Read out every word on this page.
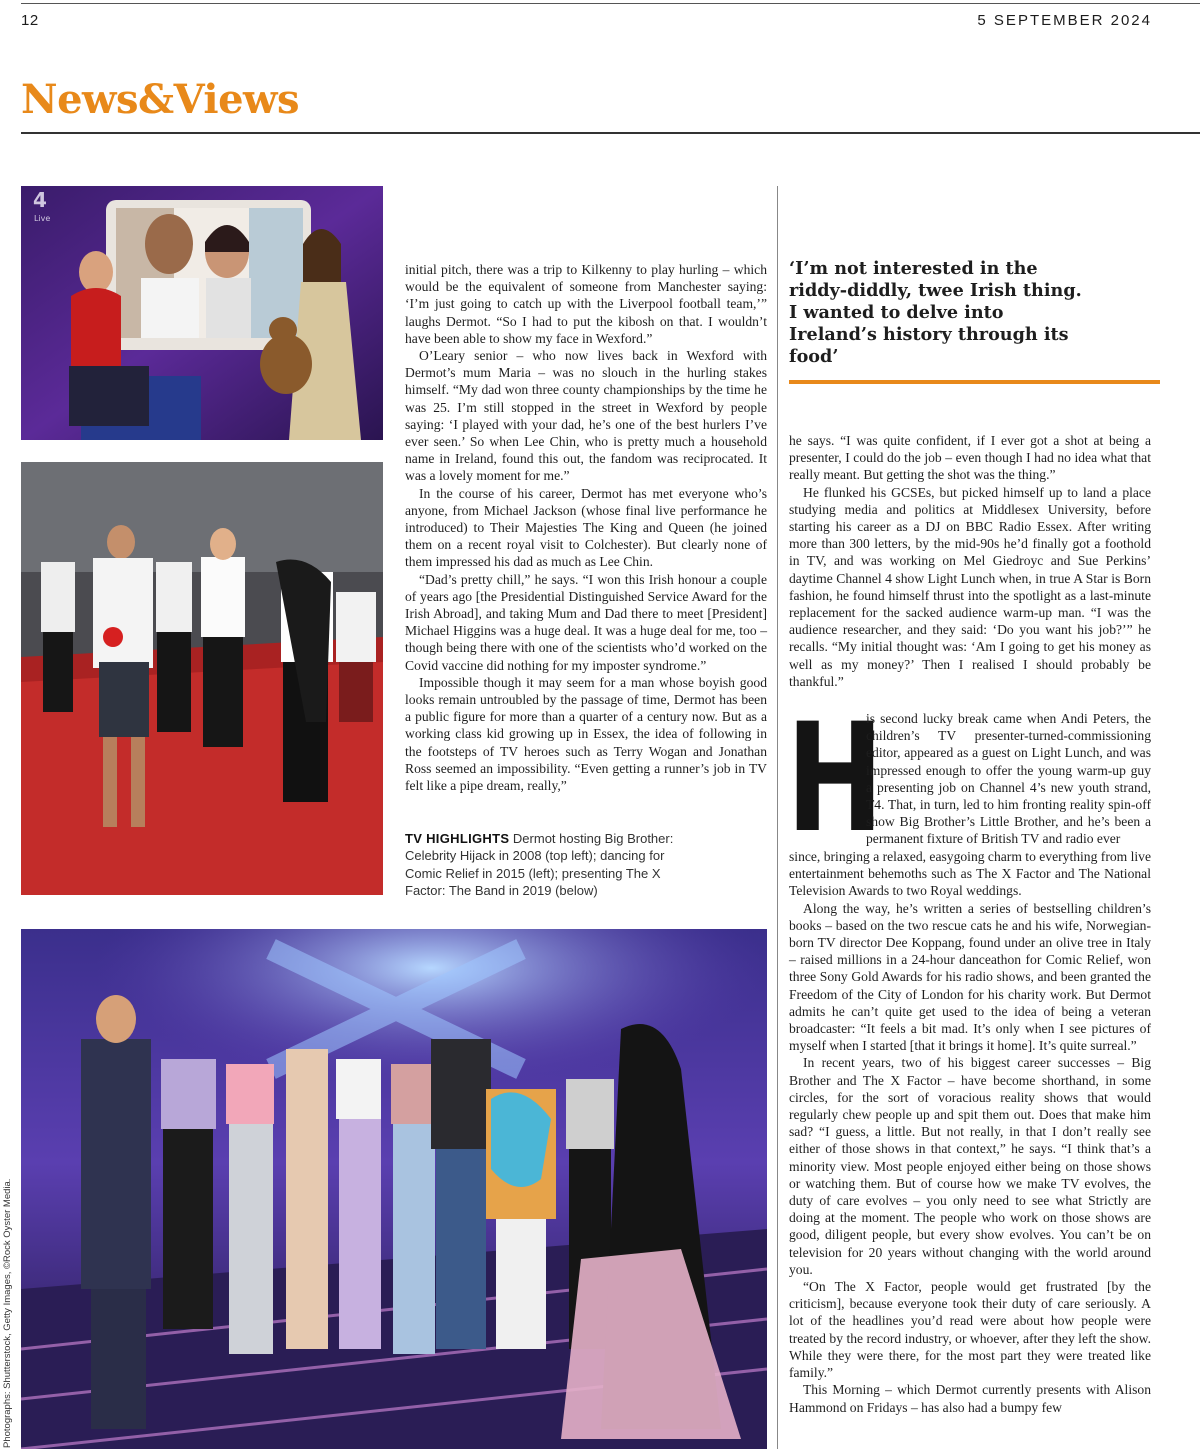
12	5 SEPTEMBER 2024
News&Views
4
Live
TV HIGHLIGHTS Dermot hosting Big Brother: Celebrity Hijack in 2008 (top left); dancing for Comic Relief in 2015 (left); presenting The X Factor: The Band in 2019 (below)
Photographs: Shutterstock, Getty Images, ©Rock Oyster Media.

initial pitch, there was a trip to Kilkenny to play hurling – which would be the equivalent of someone from Manchester saying: ‘I’m just going to catch up with the Liverpool football team,’” laughs Dermot. “So I had to put the kibosh on that. I wouldn’t have been able to show my face in Wexford.”

O’Leary senior – who now lives back in Wexford with Dermot’s mum Maria – was no slouch in the hurling stakes himself. “My dad won three county championships by the time he was 25. I’m still stopped in the street in Wexford by people saying: ‘I played with your dad, he’s one of the best hurlers I’ve ever seen.’ So when Lee Chin, who is pretty much a household name in Ireland, found this out, the fandom was reciprocated. It was a lovely moment for me.”

In the course of his career, Dermot has met everyone who’s anyone, from Michael Jackson (whose final live performance he introduced) to Their Majesties The King and Queen (he joined them on a recent royal visit to Colchester). But clearly none of them impressed his dad as much as Lee Chin.

“Dad’s pretty chill,” he says. “I won this Irish honour a couple of years ago [the Presidential Distinguished Service Award for the Irish Abroad], and taking Mum and Dad there to meet [President] Michael Higgins was a huge deal. It was a huge deal for me, too – though being there with one of the scientists who’d worked on the Covid vaccine did nothing for my imposter syndrome.”

Impossible though it may seem for a man whose boyish good looks remain untroubled by the passage of time, Dermot has been a public figure for more than a quarter of a century now. But as a working class kid growing up in Essex, the idea of following in the footsteps of TV heroes such as Terry Wogan and Jonathan Ross seemed an impossibility. “Even getting a runner’s job in TV felt like a pipe dream, really,”

‘I’m not interested in the riddy-diddly, twee Irish thing. I wanted to delve into Ireland’s history through its food’

he says. “I was quite confident, if I ever got a shot at being a presenter, I could do the job – even though I had no idea what that really meant. But getting the shot was the thing.”

He flunked his GCSEs, but picked himself up to land a place studying media and politics at Middlesex University, before starting his career as a DJ on BBC Radio Essex. After writing more than 300 letters, by the mid-90s he’d finally got a foothold in TV, and was working on Mel Giedroyc and Sue Perkins’ daytime Channel 4 show Light Lunch when, in true A Star is Born fashion, he found himself thrust into the spotlight as a last-minute replacement for the sacked audience warm-up man. “I was the audience researcher, and they said: ‘Do you want his job?’” he recalls. “My initial thought was: ‘Am I going to get his money as well as my money?’ Then I realised I should probably be thankful.”

H

is second lucky break came when Andi Peters, the children’s TV presenter-turned-commissioning editor, appeared as a guest on Light Lunch, and was impressed enough to offer the young warm-up guy a presenting job on Channel 4’s new youth strand, T4. That, in turn, led to him fronting reality spin-off show Big Brother’s Little Brother, and he’s been a permanent fixture of British TV and radio ever

since, bringing a relaxed, easygoing charm to everything from live entertainment behemoths such as The X Factor and The National Television Awards to two Royal weddings.

Along the way, he’s written a series of bestselling children’s books – based on the two rescue cats he and his wife, Norwegian-born TV director Dee Koppang, found under an olive tree in Italy – raised millions in a 24-hour danceathon for Comic Relief, won three Sony Gold Awards for his radio shows, and been granted the Freedom of the City of London for his charity work. But Dermot admits he can’t quite get used to the idea of being a veteran broadcaster: “It feels a bit mad. It’s only when I see pictures of myself when I started [that it brings it home]. It’s quite surreal.”

In recent years, two of his biggest career successes – Big Brother and The X Factor – have become shorthand, in some circles, for the sort of voracious reality shows that would regularly chew people up and spit them out. Does that make him sad? “I guess, a little. But not really, in that I don’t really see either of those shows in that context,” he says. “I think that’s a minority view. Most people enjoyed either being on those shows or watching them. But of course how we make TV evolves, the duty of care evolves – you only need to see what Strictly are doing at the moment. The people who work on those shows are good, diligent people, but every show evolves. You can’t be on television for 20 years without changing with the world around you.

“On The X Factor, people would get frustrated [by the criticism], because everyone took their duty of care seriously. A lot of the headlines you’d read were about how people were treated by the record industry, or whoever, after they left the show. While they were there, for the most part they were treated like family.”

This Morning – which Dermot currently presents with Alison Hammond on Fridays – has also had a bumpy few
